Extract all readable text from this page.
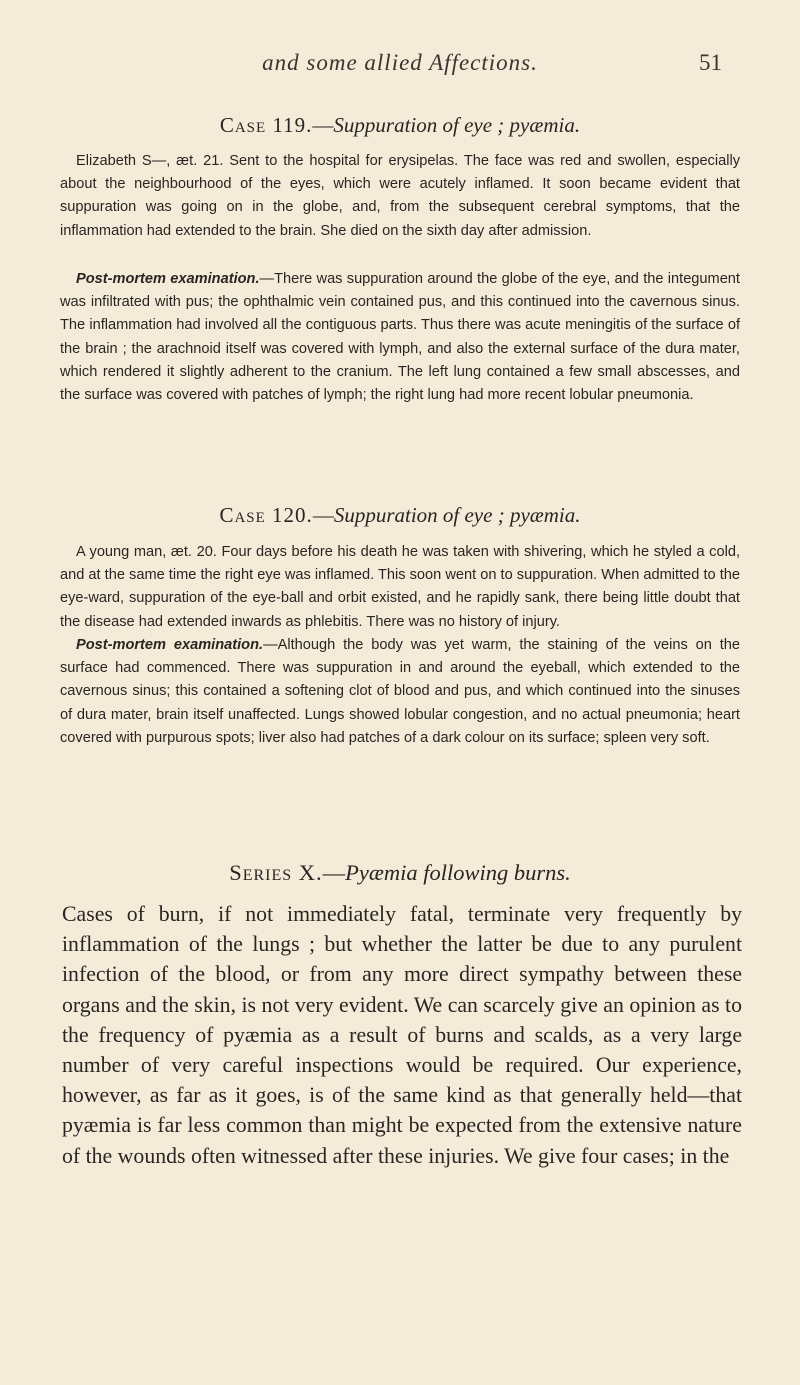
and some allied Affections.	51
Case 119.—Suppuration of eye ; pyæmia.

Elizabeth S—, æt. 21. Sent to the hospital for erysipelas. The face was red and swollen, especially about the neighbourhood of the eyes, which were acutely inflamed. It soon became evident that suppuration was going on in the globe, and, from the subsequent cerebral symptoms, that the inflammation had extended to the brain. She died on the sixth day after admission.

Post-mortem examination.—There was suppuration around the globe of the eye, and the integument was infiltrated with pus; the ophthalmic vein contained pus, and this continued into the cavernous sinus. The inflammation had involved all the contiguous parts. Thus there was acute meningitis of the surface of the brain ; the arachnoid itself was covered with lymph, and also the external surface of the dura mater, which rendered it slightly adherent to the cranium. The left lung contained a few small abscesses, and the surface was covered with patches of lymph; the right lung had more recent lobular pneumonia.

Case 120.—Suppuration of eye ; pyæmia.

A young man, æt. 20. Four days before his death he was taken with shivering, which he styled a cold, and at the same time the right eye was inflamed. This soon went on to suppuration. When admitted to the eye-ward, suppuration of the eye-ball and orbit existed, and he rapidly sank, there being little doubt that the disease had extended inwards as phlebitis. There was no history of injury.

Post-mortem examination.—Although the body was yet warm, the staining of the veins on the surface had commenced. There was suppuration in and around the eyeball, which extended to the cavernous sinus; this contained a softening clot of blood and pus, and which continued into the sinuses of dura mater, brain itself unaffected. Lungs showed lobular congestion, and no actual pneumonia; heart covered with purpurous spots; liver also had patches of a dark colour on its surface; spleen very soft.

Series X.—Pyæmia following burns.

Cases of burn, if not immediately fatal, terminate very frequently by inflammation of the lungs ; but whether the latter be due to any purulent infection of the blood, or from any more direct sympathy between these organs and the skin, is not very evident. We can scarcely give an opinion as to the frequency of pyæmia as a result of burns and scalds, as a very large number of very careful inspections would be required. Our experience, however, as far as it goes, is of the same kind as that generally held—that pyæmia is far less common than might be expected from the extensive nature of the wounds often witnessed after these injuries. We give four cases; in the
